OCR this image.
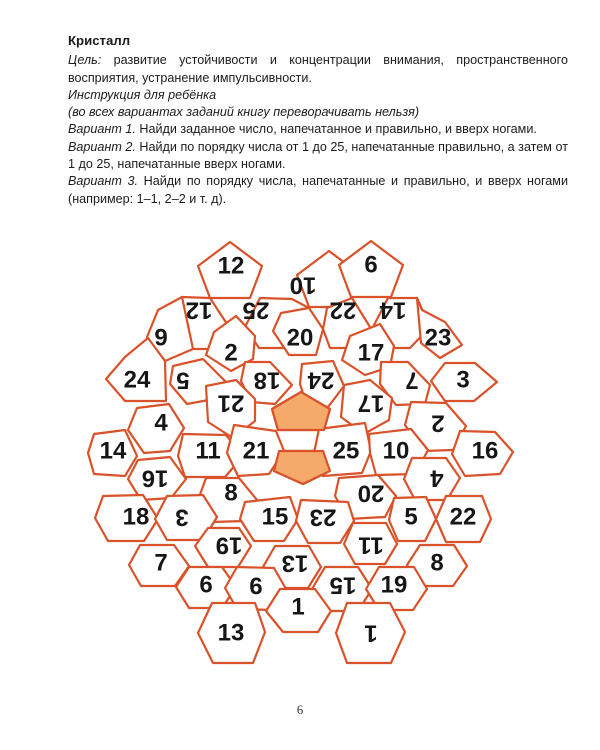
Кристалл

Цель: развитие устойчивости и концентрации внимания, пространственного восприятия, устранение импульсивности.

Инструкция для ребёнка

(во всех вариантах заданий книгу переворачивать нельзя)

Вариант 1. Найди заданное число, напечатанное и правильно, и вверх ногами.

Вариант 2. Найди по порядку числа от 1 до 25, напечатанные правильно, а затем от 1 до 25, напечатанные вверх ногами.

Вариант 3. Найди по порядку числа, напечатанные и правильно, и вверх ногами (например: 1–1, 2–2 и т. д).

12
10
6
12 25	22 14
9	20	23
2	17
24 5	18 24	7 3
21	17
4	2
14	11 21	25 10	16
16	4
8	20
18 3	15 23	5 22
19	11
7	13	8
6 9	15 19
1
13	1
6
